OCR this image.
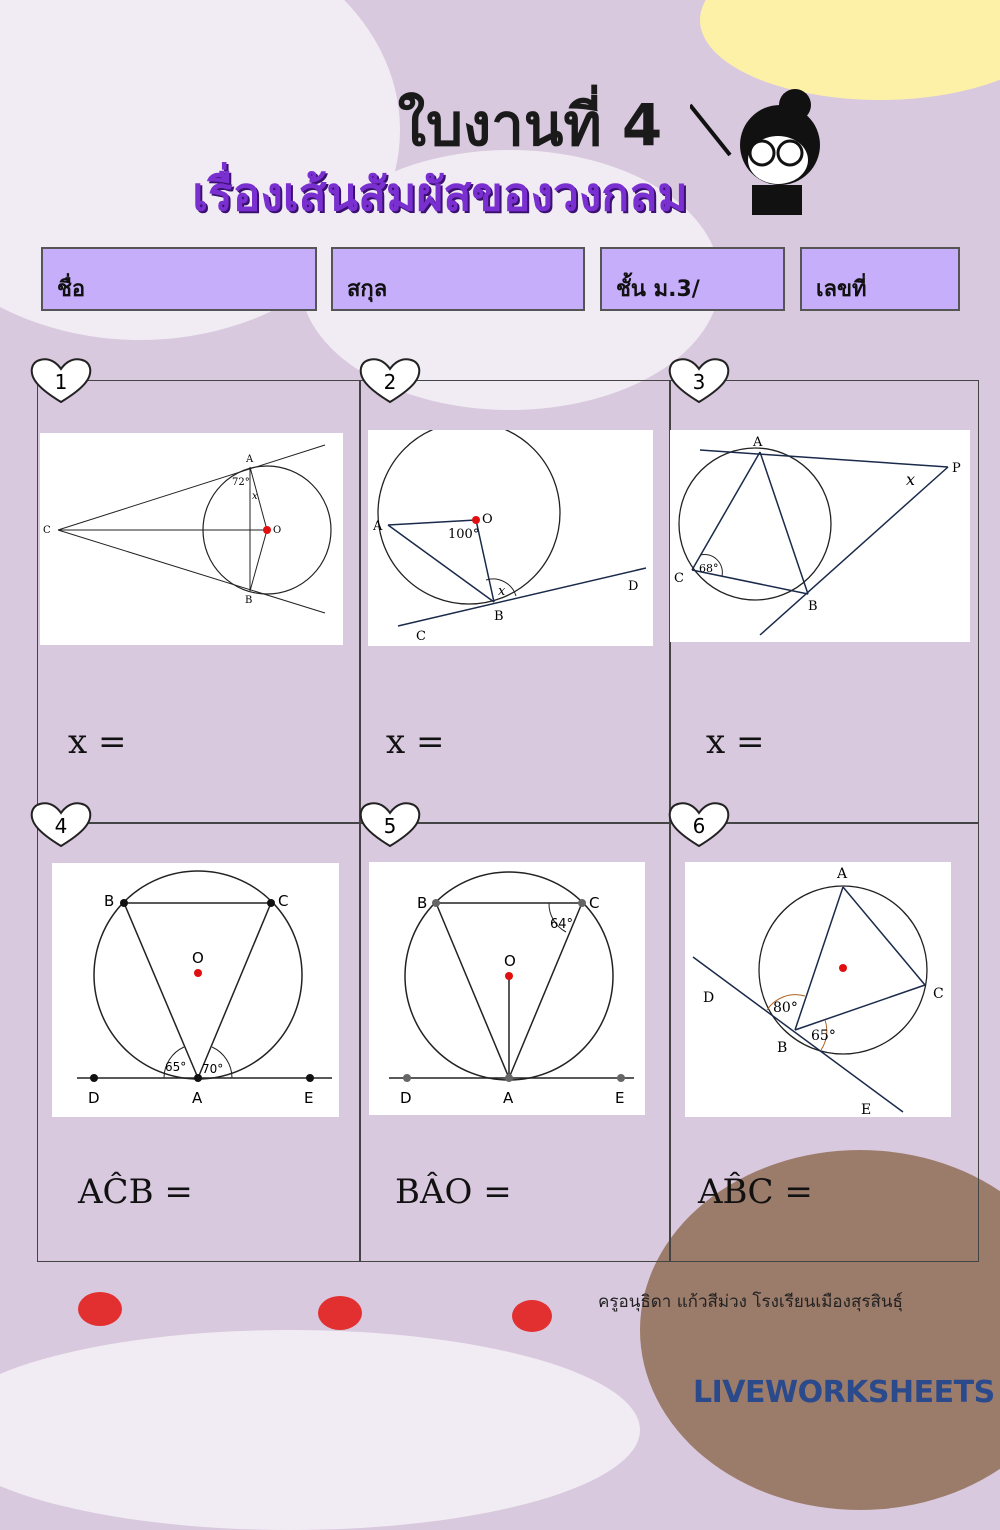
ใบงานที่ 4
เรื่องเส้นสัมผัสของวงกลม
ชื่อ	สกุล	ชั้น ม.3/	เลขที่
1	2	3
4	5	6
A
72°
x
O
C
B
A	O
100°
x
B
D
C
A
P
x
C
68°
B
B	C
O
65° 70°
D	A	E
B	C
64°
O
D	A	E
A
D
80°
C
B
65°
E
x =	x =	x =
AĈB =	BÂO =	AB̂C =
ครูอนุธิดา แก้วสีม่วง โรงเรียนเมืองสุรสินธุ์
LIVEWORKSHEETS
